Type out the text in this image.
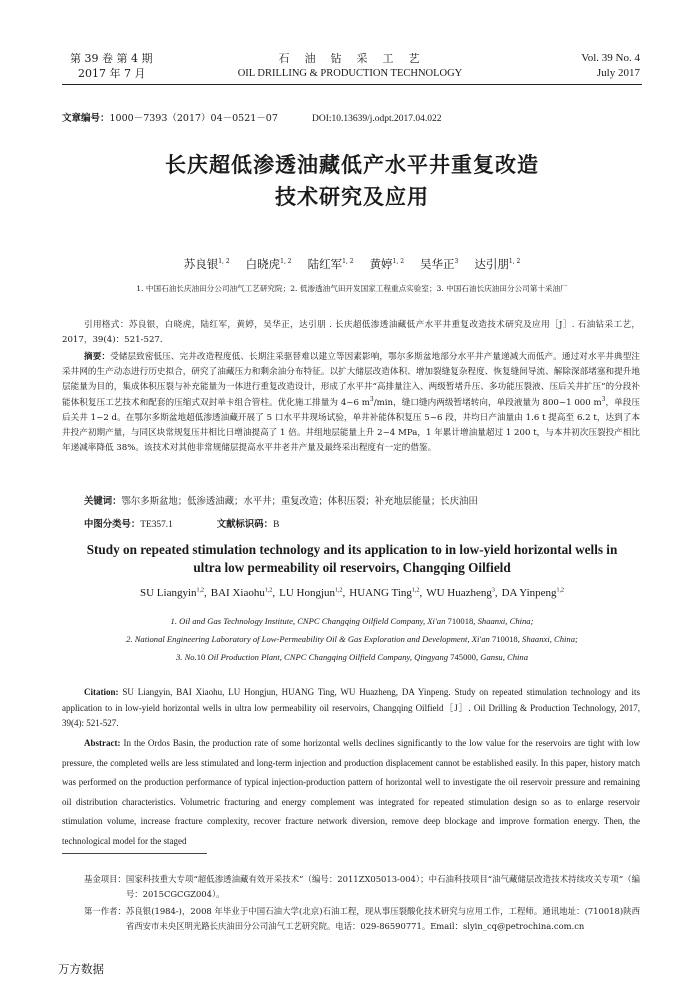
第 39 卷 第 4 期
2017 年 7 月
石　油　钻　采　工　艺
OIL DRILLING & PRODUCTION TECHNOLOGY
Vol. 39 No. 4
July 2017
文章编号：1000－7393（2017）04－0521－07	DOI:10.13639/j.odpt.2017.04.022
长庆超低渗透油藏低产水平井重复改造
技术研究及应用
苏良银$^{1, 2}$ 白晓虎$^{1, 2}$ 陆红军$^{1, 2}$ 黄婷$^{1, 2}$ 吴华正$^3$ 达引朋$^{1, 2}$
1. 中国石油长庆油田分公司油气工艺研究院；2. 低渗透油气田开发国家工程重点实验室；3. 中国石油长庆油田分公司第十采油厂
引用格式：苏良银，白晓虎，陆红军，黄婷，吴华正，达引朋 . 长庆超低渗透油藏低产水平井重复改造技术研究及应用［J］. 石油钻采工艺，2017，39(4)：521-527.
摘要：受储层致密低压、完井改造程度低、长期注采驱替难以建立等因素影响，鄂尔多斯盆地部分水平井产量递减大而低产。通过对水平井典型注采井网的生产动态进行历史拟合，研究了油藏压力和剩余油分布特征。以扩大储层改造体积、增加裂缝复杂程度、恢复缝间导流、解除深部堵塞和提升地层能量为目的，集成体积压裂与补充能量为一体进行重复改造设计，形成了水平井“高排量注入、两级暂堵升压、多功能压裂液、压后关井扩压”的分段补能体积复压工艺技术和配套的压缩式双封单卡组合管柱。优化施工排量为 4~6 $m^3/\min$，缝口缝内两级暂堵转向，单段液量为 800~1 000 $m^3$，单段压后关井 1~2 d。在鄂尔多斯盆地超低渗透油藏开展了 5 口水平井现场试验，单井补能体积复压 5~6 段，井均日产油量由 1.6 t 提高至 6.2 t，达到了本井投产初期产量，与同区块常规复压井相比日增油提高了 1 倍。井组地层能量上升 2~4 MPa，1 年累计增油量超过 1 200 t，与本井初次压裂投产相比年递减率降低 38%。该技术对其他非常规储层提高水平井老井产量及最终采出程度有一定的借鉴。
关键词：鄂尔多斯盆地；低渗透油藏；水平井；重复改造；体积压裂；补充地层能量；长庆油田
中图分类号：TE357.1	文献标识码：B
Study on repeated stimulation technology and its application to in low-yield horizontal wells in
ultra low permeability oil reservoirs, Changqing Oilfield
SU Liangyin$^{1,2}$, BAI Xiaohu$^{1,2}$, LU Hongjun$^{1,2}$, HUANG Ting$^{1,2}$, WU Huazheng$^3$, DA Yinpeng$^{1,2}$
1. Oil and Gas Technology Institute, CNPC Changqing Oilfield Company, Xi'an 710018, Shaanxi, China;
2. National Engineering Laboratory of Low-Permeability Oil & Gas Exploration and Development, Xi'an 710018, Shaanxi, China;
3. No.10 Oil Production Plant, CNPC Changqing Oilfield Company, Qingyang 745000, Gansu, China
Citation: SU Liangyin, BAI Xiaohu, LU Hongjun, HUANG Ting, WU Huazheng, DA Yinpeng. Study on repeated stimulation technology and its application to in low-yield horizontal wells in ultra low permeability oil reservoirs, Changqing Oilfield［J］. Oil Drilling & Production Technology, 2017, 39(4): 521-527.
Abstract: In the Ordos Basin, the production rate of some horizontal wells declines significantly to the low value for the reservoirs are tight with low pressure, the completed wells are less stimulated and long-term injection and production displacement cannot be established easily. In this paper, history match was performed on the production performance of typical injection-production pattern of horizontal well to investigate the oil reservoir pressure and remaining oil distribution characteristics. Volumetric fracturing and energy complement was integrated for repeated stimulation design so as to enlarge reservoir stimulation volume, increase fracture complexity, recover fracture network diversion, remove deep blockage and improve formation energy. Then, the technological model for the staged
基金项目： 国家科技重大专项“超低渗透油藏有效开采技术”（编号：2011ZX05013-004）；中石油科技项目“油气藏储层改造技术持续攻关专项”（编号：2015CGCGZ004）。
第一作者： 苏良银(1984-)，2008 年毕业于中国石油大学(北京)石油工程，现从事压裂酸化技术研究与应用工作，工程师。通讯地址：(710018)陕西省西安市未央区明光路长庆油田分公司油气工艺研究院。电话：029-86590771。Email：slyin_cq@petrochina.com.cn
万方数据
